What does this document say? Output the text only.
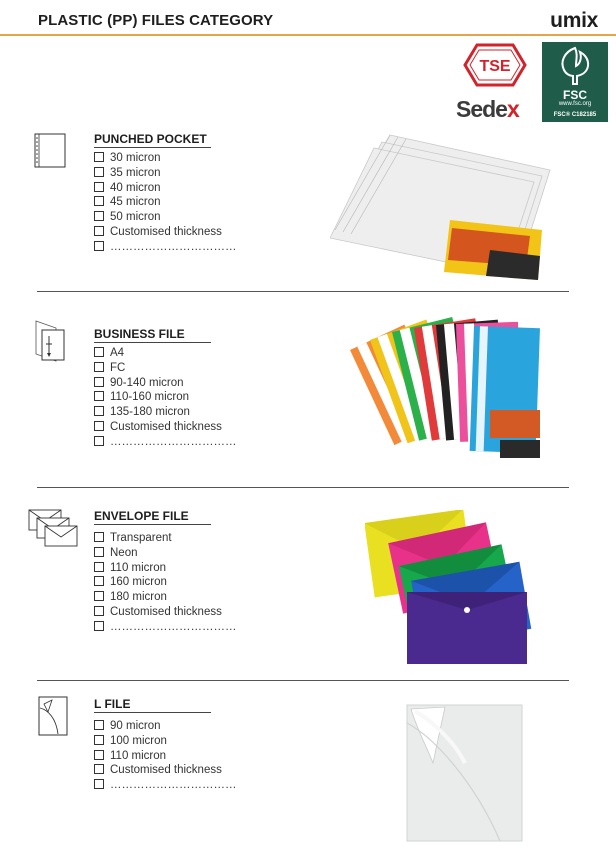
PLASTIC (PP) FILES CATEGORY	umix
TSE
Sedex
FSC
www.fsc.org
FSC® C182185
PUNCHED POCKET
30 micron
35 micron
40 micron
45 micron
50 micron
Customised thickness
……………………………
BUSINESS FILE
A4
FC
90-140 micron
110-160 micron
135-180 micron
Customised thickness
……………………………
ENVELOPE FILE
Transparent
Neon
110 micron
160 micron
180 micron
Customised thickness
……………………………
L FILE
90 micron
100 micron
110 micron
Customised thickness
……………………………
